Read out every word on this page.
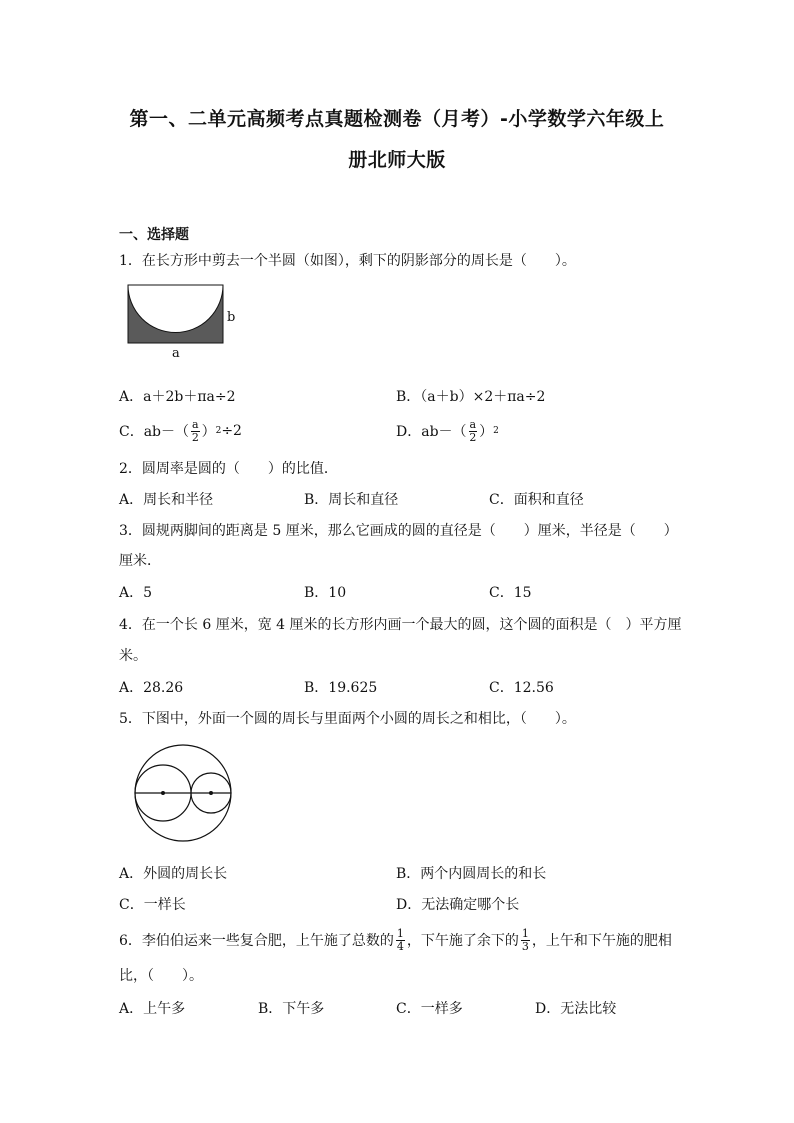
第一、二单元高频考点真题检测卷（月考）-小学数学六年级上
册北师大版
一、选择题
1．在长方形中剪去一个半圆（如图），剩下的阴影部分的周长是（　　）。
b
a
A．a＋2b＋πa÷2	B．（a＋b）×2＋πa÷2
C．$ab-( \frac{a}{2}$ ） 2 ÷2	D．$ab-( \frac{a}{2}$ ） 2
2．圆周率是圆的（　　）的比值．
A．周长和半径	B．周长和直径	C．面积和直径
3．圆规两脚间的距离是 5 厘米，那么它画成的圆的直径是（　　）厘米，半径是（　　）
厘米．
A．5	B．10	C．15
4．在一个长 6 厘米，宽 4 厘米的长方形内画一个最大的圆，这个圆的面积是（　）平方厘
米。
A．28.26	B．19.625	C．12.56
5．下图中，外面一个圆的周长与里面两个小圆的周长之和相比，（　　）。
A．外圆的周长长	B．两个内圆周长的和长
C．一样长	D．无法确定哪个长
6． 李伯伯运来一些复合肥，上午施了总数的 $\frac{1}{4}$ ，下午施了余下的 $\frac{1}{3}$ ，上午和下午施的肥相
比，（　　）。
A．上午多	B．下午多	C．一样多	D．无法比较
